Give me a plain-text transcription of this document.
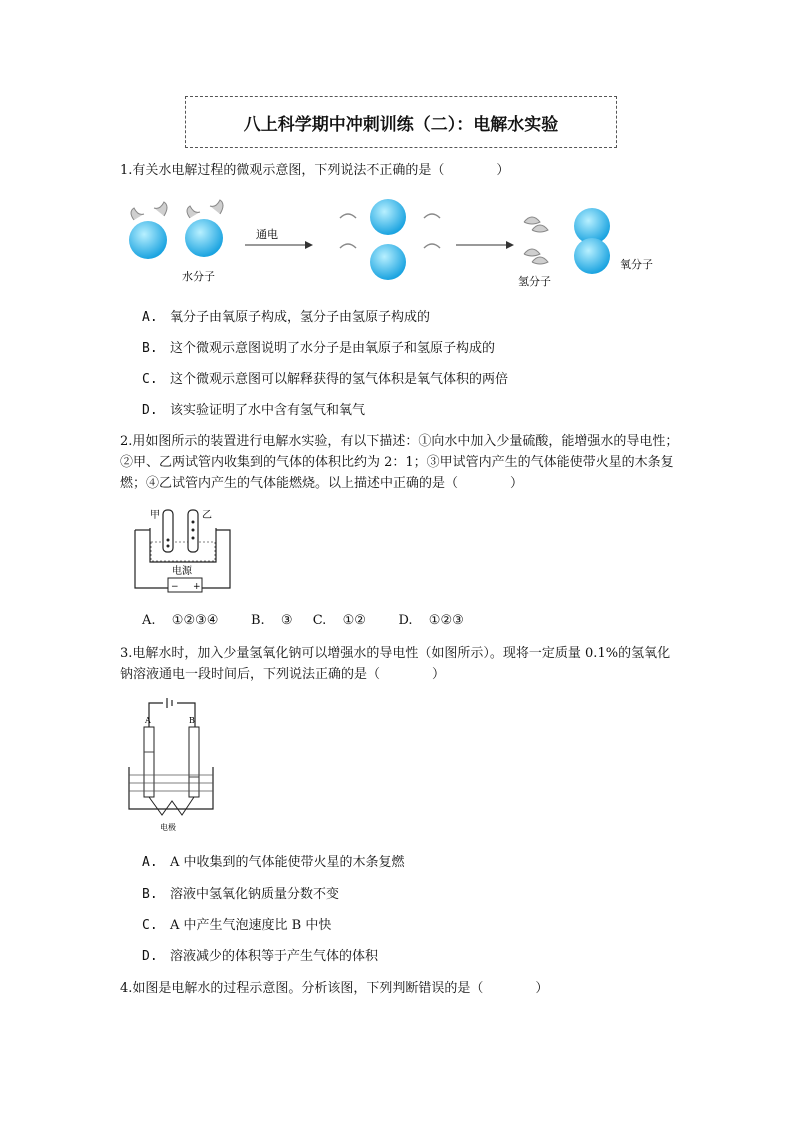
八上科学期中冲刺训练（二）：电解水实验
1.有关水电解过程的微观示意图，下列说法不正确的是（　　　　）
水分子
通电
氢分子
氧分子
A. 氧分子由氧原子构成，氢分子由氢原子构成的
B. 这个微观示意图说明了水分子是由氧原子和氢原子构成的
C. 这个微观示意图可以解释获得的氢气体积是氧气体积的两倍
D. 该实验证明了水中含有氢气和氧气
2.用如图所示的装置进行电解水实验，有以下描述：①向水中加入少量硫酸，能增强水的导电性；②甲、乙两试管内收集到的气体的体积比约为 2：1；③甲试管内产生的气体能使带火星的木条复燃；④乙试管内产生的气体能燃烧。以上描述中正确的是（　　　　）
甲	乙
电源
− +
A. ①②③④	B. ③ C. ①②	D. ①②③
3.电解水时，加入少量氢氧化钠可以增强水的导电性（如图所示）。现将一定质量 0.1%的氢氧化钠溶液通电一段时间后，下列说法正确的是（　　　　）
A	B
电极
A. A 中收集到的气体能使带火星的木条复燃
B. 溶液中氢氧化钠质量分数不变
C. A 中产生气泡速度比 B 中快
D. 溶液减少的体积等于产生气体的体积
4.如图是电解水的过程示意图。分析该图，下列判断错误的是（　　　　）
